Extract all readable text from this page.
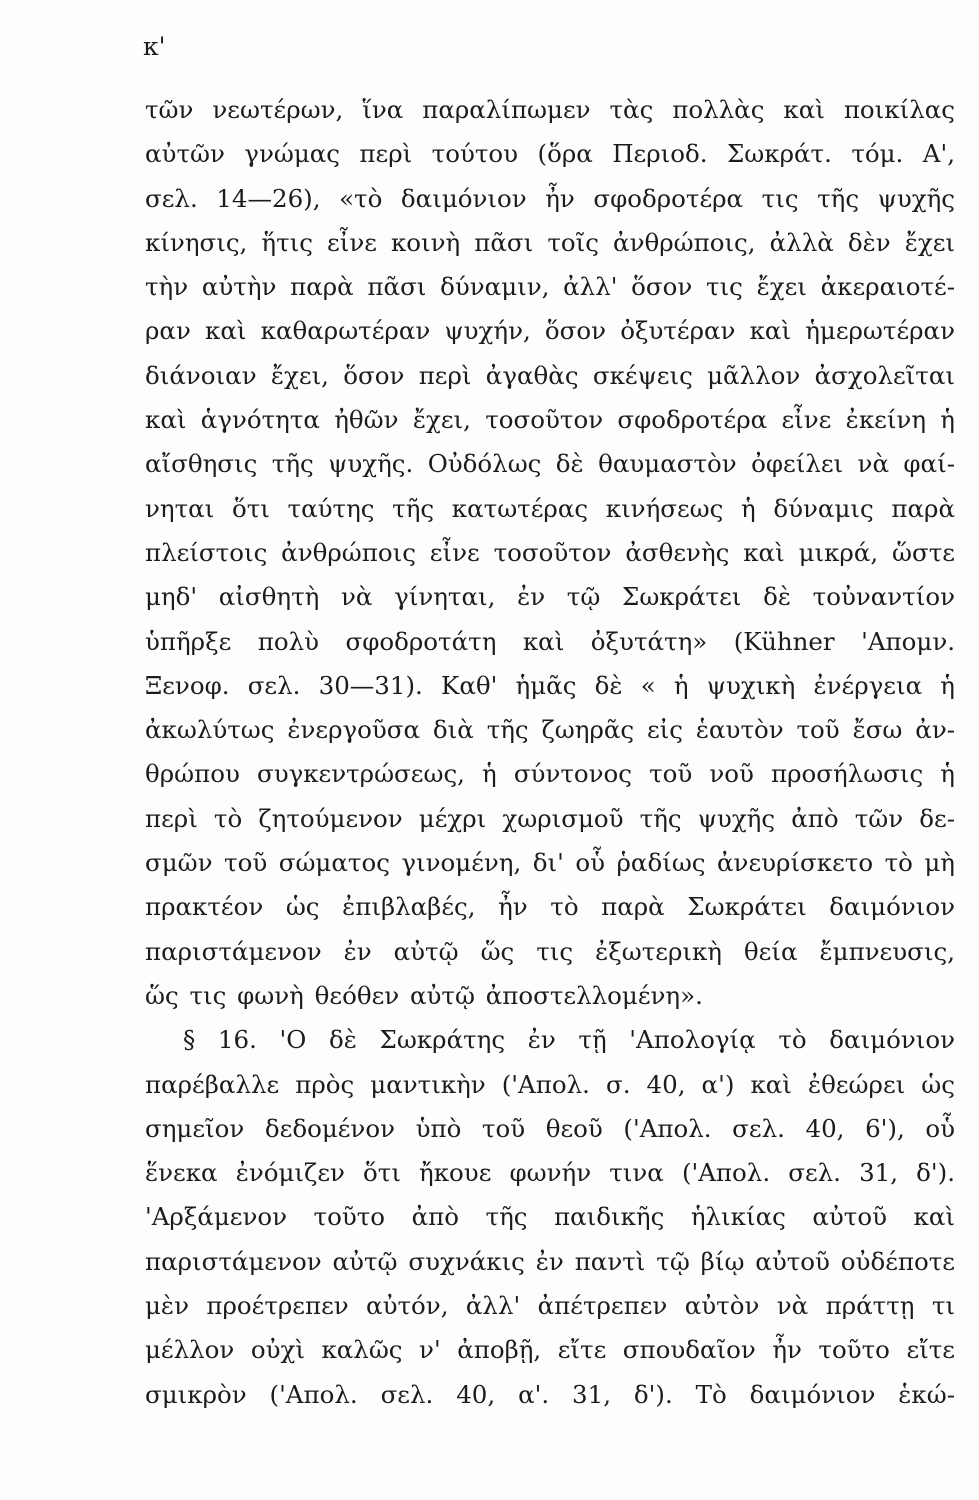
κ'
τῶν νεωτέρων, ἵνα παραλίπωμεν τὰς πολλὰς καὶ ποικίλας
αὐτῶν γνώμας περὶ τούτου (ὅρα Περιοδ. Σωκράτ. τόμ. Α',
σελ. 14—26), «τὸ δαιμόνιον ἦν σφοδροτέρα τις τῆς ψυχῆς
κίνησις, ἥτις εἶνε κοινὴ πᾶσι τοῖς ἀνθρώποις, ἀλλὰ δὲν ἔχει
τὴν αὐτὴν παρὰ πᾶσι δύναμιν, ἀλλ' ὅσον τις ἔχει ἀκεραιοτέ-
ραν καὶ καθαρωτέραν ψυχήν, ὅσον ὀξυτέραν καὶ ἡμερωτέραν
διάνοιαν ἔχει, ὅσον περὶ ἀγαθὰς σκέψεις μᾶλλον ἀσχολεῖται
καὶ ἁγνότητα ἠθῶν ἔχει, τοσοῦτον σφοδροτέρα εἶνε ἐκείνη ἡ
αἴσθησις τῆς ψυχῆς. Οὐδόλως δὲ θαυμαστὸν ὀφείλει νὰ φαί-
νηται ὅτι ταύτης τῆς κατωτέρας κινήσεως ἡ δύναμις παρὰ
πλείστοις ἀνθρώποις εἶνε τοσοῦτον ἀσθενὴς καὶ μικρά, ὥστε
μηδ' αἰσθητὴ νὰ γίνηται, ἐν τῷ Σωκράτει δὲ τοὐναντίον
ὑπῆρξε πολὺ σφοδροτάτη καὶ ὀξυτάτη» (Kühner 'Απομν.
Ξενοφ. σελ. 30—31). Καθ' ἡμᾶς δὲ « ἡ ψυχικὴ ἐνέργεια ἡ
ἀκωλύτως ἐνεργοῦσα διὰ τῆς ζωηρᾶς εἰς ἑαυτὸν τοῦ ἔσω ἀν-
θρώπου συγκεντρώσεως, ἡ σύντονος τοῦ νοῦ προσήλωσις ἡ
περὶ τὸ ζητούμενον μέχρι χωρισμοῦ τῆς ψυχῆς ἀπὸ τῶν δε-
σμῶν τοῦ σώματος γινομένη, δι' οὗ ῥαδίως ἀνευρίσκετο τὸ μὴ
πρακτέον ὡς ἐπιβλαβές, ἦν τὸ παρὰ Σωκράτει δαιμόνιον
παριστάμενον ἐν αὐτῷ ὥς τις ἐξωτερικὴ θεία ἔμπνευσις,
ὥς τις φωνὴ θεόθεν αὐτῷ ἀποστελλομένη».
§ 16. 'Ο δὲ Σωκράτης ἐν τῇ 'Απολογίᾳ τὸ δαιμόνιον
παρέβαλλε πρὸς μαντικὴν ('Απολ. σ. 40, α') καὶ ἐθεώρει ὡς
σημεῖον δεδομένον ὑπὸ τοῦ θεοῦ ('Απολ. σελ. 40, 6'), οὗ
ἕνεκα ἐνόμιζεν ὅτι ἤκουε φωνήν τινα ('Απολ. σελ. 31, δ').
'Αρξάμενον τοῦτο ἀπὸ τῆς παιδικῆς ἡλικίας αὐτοῦ καὶ
παριστάμενον αὐτῷ συχνάκις ἐν παντὶ τῷ βίῳ αὐτοῦ οὐδέποτε
μὲν προέτρεπεν αὐτόν, ἀλλ' ἀπέτρεπεν αὐτὸν νὰ πράττῃ τι
μέλλον οὐχὶ καλῶς ν' ἀποβῇ, εἴτε σπουδαῖον ἦν τοῦτο εἴτε
σμικρὸν ('Απολ. σελ. 40, α'. 31, δ'). Τὸ δαιμόνιον ἑκώ-
